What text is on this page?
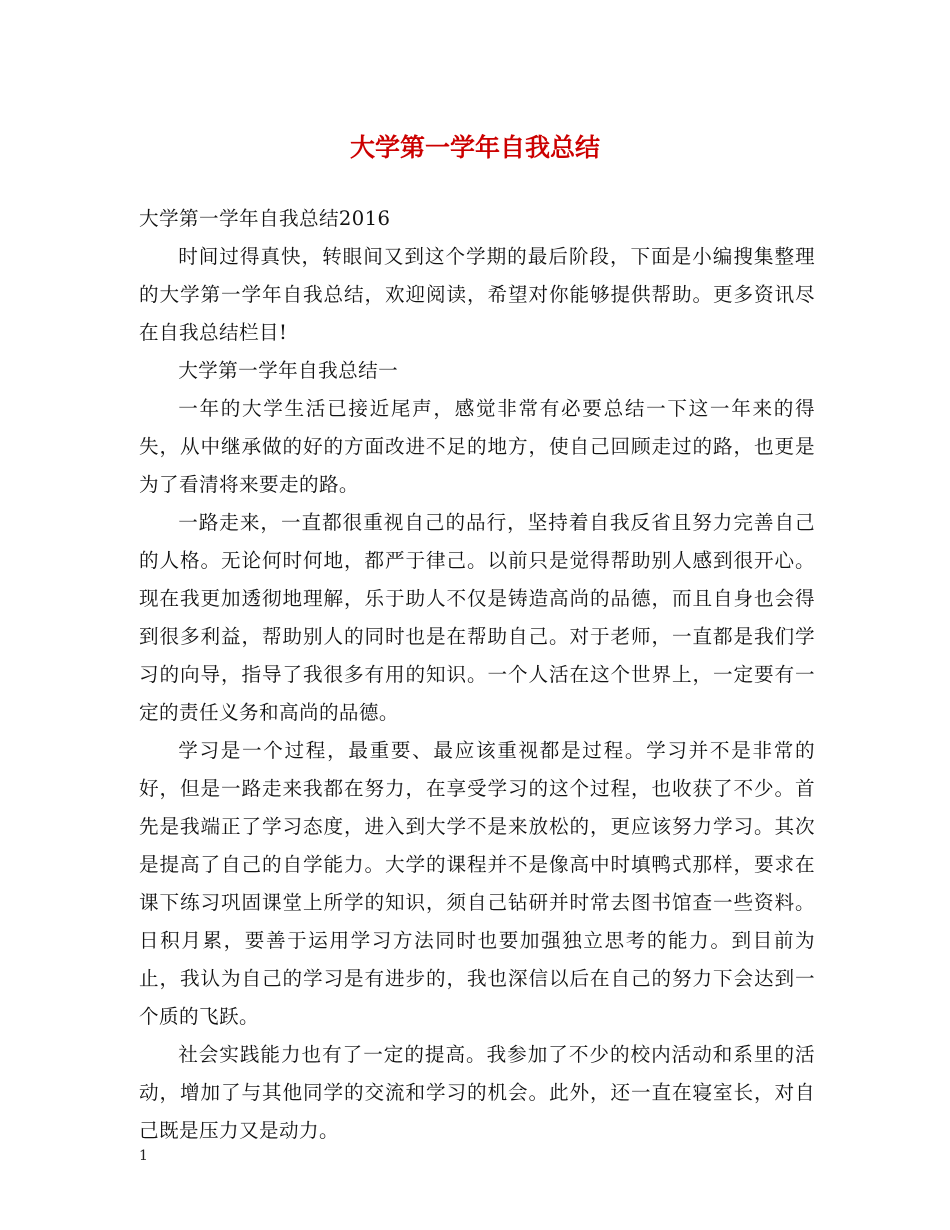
大学第一学年自我总结

大学第一学年自我总结2016

时间过得真快，转眼间又到这个学期的最后阶段，下面是小编搜集整理的大学第一学年自我总结，欢迎阅读，希望对你能够提供帮助。更多资讯尽在自我总结栏目!

大学第一学年自我总结一

一年的大学生活已接近尾声，感觉非常有必要总结一下这一年来的得失，从中继承做的好的方面改进不足的地方，使自己回顾走过的路，也更是为了看清将来要走的路。

一路走来，一直都很重视自己的品行，坚持着自我反省且努力完善自己的人格。无论何时何地，都严于律己。以前只是觉得帮助别人感到很开心。现在我更加透彻地理解，乐于助人不仅是铸造高尚的品德，而且自身也会得到很多利益，帮助别人的同时也是在帮助自己。对于老师，一直都是我们学习的向导，指导了我很多有用的知识。一个人活在这个世界上，一定要有一定的责任义务和高尚的品德。

学习是一个过程，最重要、最应该重视都是过程。学习并不是非常的好，但是一路走来我都在努力，在享受学习的这个过程，也收获了不少。首先是我端正了学习态度，进入到大学不是来放松的，更应该努力学习。其次是提高了自己的自学能力。大学的课程并不是像高中时填鸭式那样，要求在课下练习巩固课堂上所学的知识，须自己钻研并时常去图书馆查一些资料。日积月累，要善于运用学习方法同时也要加强独立思考的能力。到目前为止，我认为自己的学习是有进步的，我也深信以后在自己的努力下会达到一个质的飞跃。

社会实践能力也有了一定的提高。我参加了不少的校内活动和系里的活动，增加了与其他同学的交流和学习的机会。此外，还一直在寝室长，对自己既是压力又是动力。

1
